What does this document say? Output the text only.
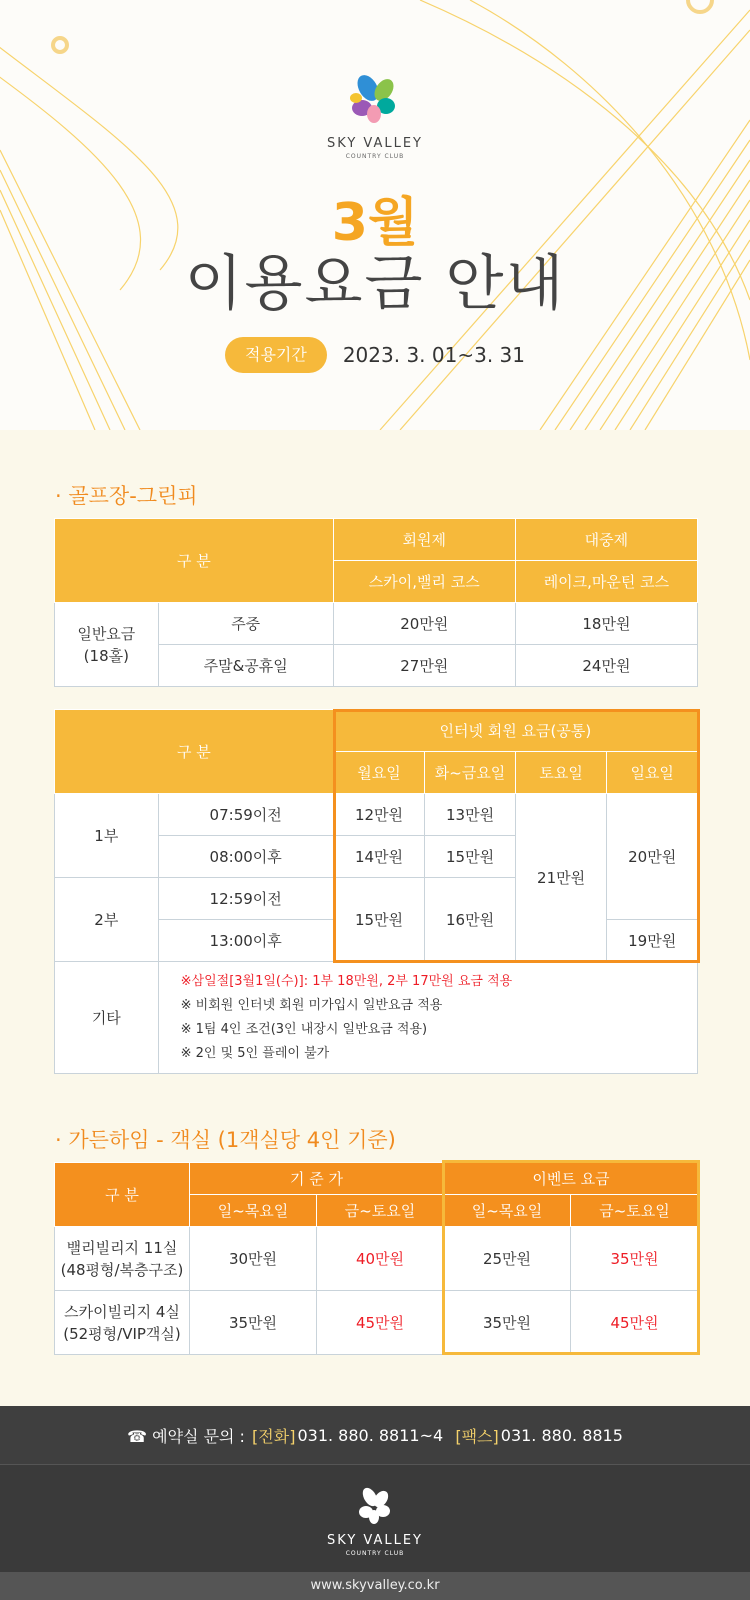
SKY VALLEY
COUNTRY CLUB
3월
이용요금 안내
적용기간	2023. 3. 01~3. 31
· 골프장-그린피
구 분		회원제	대중제
		스카이,밸리 코스	레이크,마운틴 코스
일반요금
(18홀)	주중	20만원	18만원
	주말&공휴일	27만원	24만원
구 분		인터넷 회원 요금(공통)			
		월요일	화~금요일	토요일	일요일
1부	07:59이전	12만원	13만원	21만원	20만원
	08:00이후	14만원	15만원		
2부	12:59이전	15만원	16만원		
	13:00이후				19만원
기타	※삼일절[3월1일(수)]: 1부 18만원, 2부 17만원 요금 적용
※ 비회원 인터넷 회원 미가입시 일반요금 적용
※ 1팀 4인 조건(3인 내장시 일반요금 적용)
※ 2인 및 5인 플레이 불가				
· 가든하임 - 객실 (1객실당 4인 기준)
구 분	기 준 가		이벤트 요금	
	일~목요일	금~토요일	일~목요일	금~토요일
밸리빌리지 11실
(48평형/복층구조)	30만원	40만원	25만원	35만원
스카이빌리지 4실
(52평형/VIP객실)	35만원	45만원	35만원	45만원
☎ 예약실 문의 :
[전화] 031. 880. 8811~4
[팩스] 031. 880. 8815
SKY VALLEY
COUNTRY CLUB
www.skyvalley.co.kr
